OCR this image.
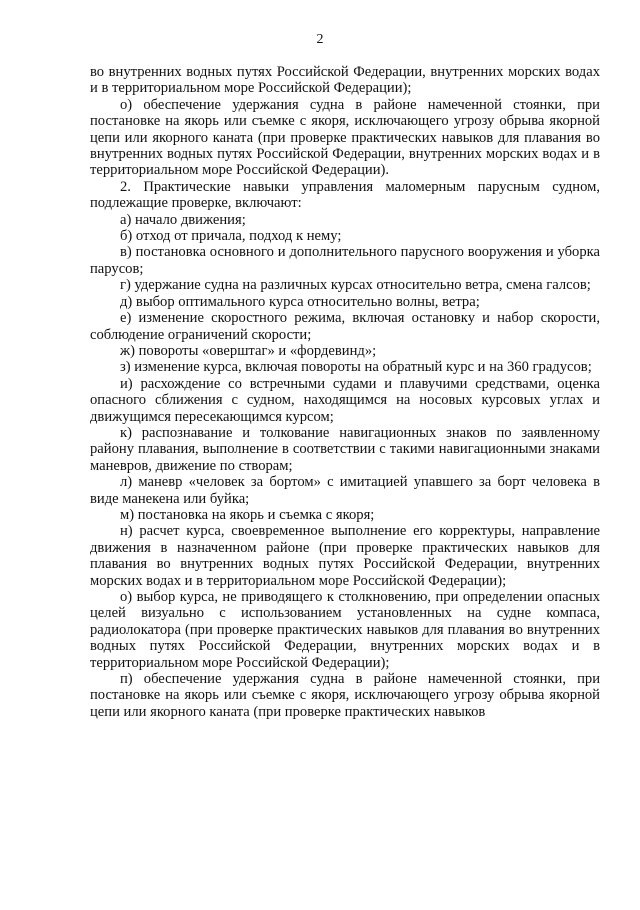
2

во внутренних водных путях Российской Федерации, внутренних морских водах и в территориальном море Российской Федерации);

о) обеспечение удержания судна в районе намеченной стоянки, при постановке на якорь или съемке с якоря, исключающего угрозу обрыва якорной цепи или якорного каната (при проверке практических навыков для плавания во внутренних водных путях Российской Федерации, внутренних морских водах и в территориальном море Российской Федерации).

2. Практические навыки управления маломерным парусным судном, подлежащие проверке, включают:

а) начало движения;

б) отход от причала, подход к нему;

в) постановка основного и дополнительного парусного вооружения и уборка парусов;

г) удержание судна на различных курсах относительно ветра, смена галсов;

д) выбор оптимального курса относительно волны, ветра;

е) изменение скоростного режима, включая остановку и набор скорости, соблюдение ограничений скорости;

ж) повороты «оверштаг» и «фордевинд»;

з) изменение курса, включая повороты на обратный курс и на 360 градусов;

и) расхождение со встречными судами и плавучими средствами, оценка опасного сближения с судном, находящимся на носовых курсовых углах и движущимся пересекающимся курсом;

к) распознавание и толкование навигационных знаков по заявленному району плавания, выполнение в соответствии с такими навигационными знаками маневров, движение по створам;

л) маневр «человек за бортом» с имитацией упавшего за борт человека в виде манекена или буйка;

м) постановка на якорь и съемка с якоря;

н) расчет курса, своевременное выполнение его корректуры, направление движения в назначенном районе (при проверке практических навыков для плавания во внутренних водных путях Российской Федерации, внутренних морских водах и в территориальном море Российской Федерации);

о) выбор курса, не приводящего к столкновению, при определении опасных целей визуально с использованием установленных на судне компаса, радиолокатора (при проверке практических навыков для плавания во внутренних водных путях Российской Федерации, внутренних морских водах и в территориальном море Российской Федерации);

п) обеспечение удержания судна в районе намеченной стоянки, при постановке на якорь или съемке с якоря, исключающего угрозу обрыва якорной цепи или якорного каната (при проверке практических навыков
